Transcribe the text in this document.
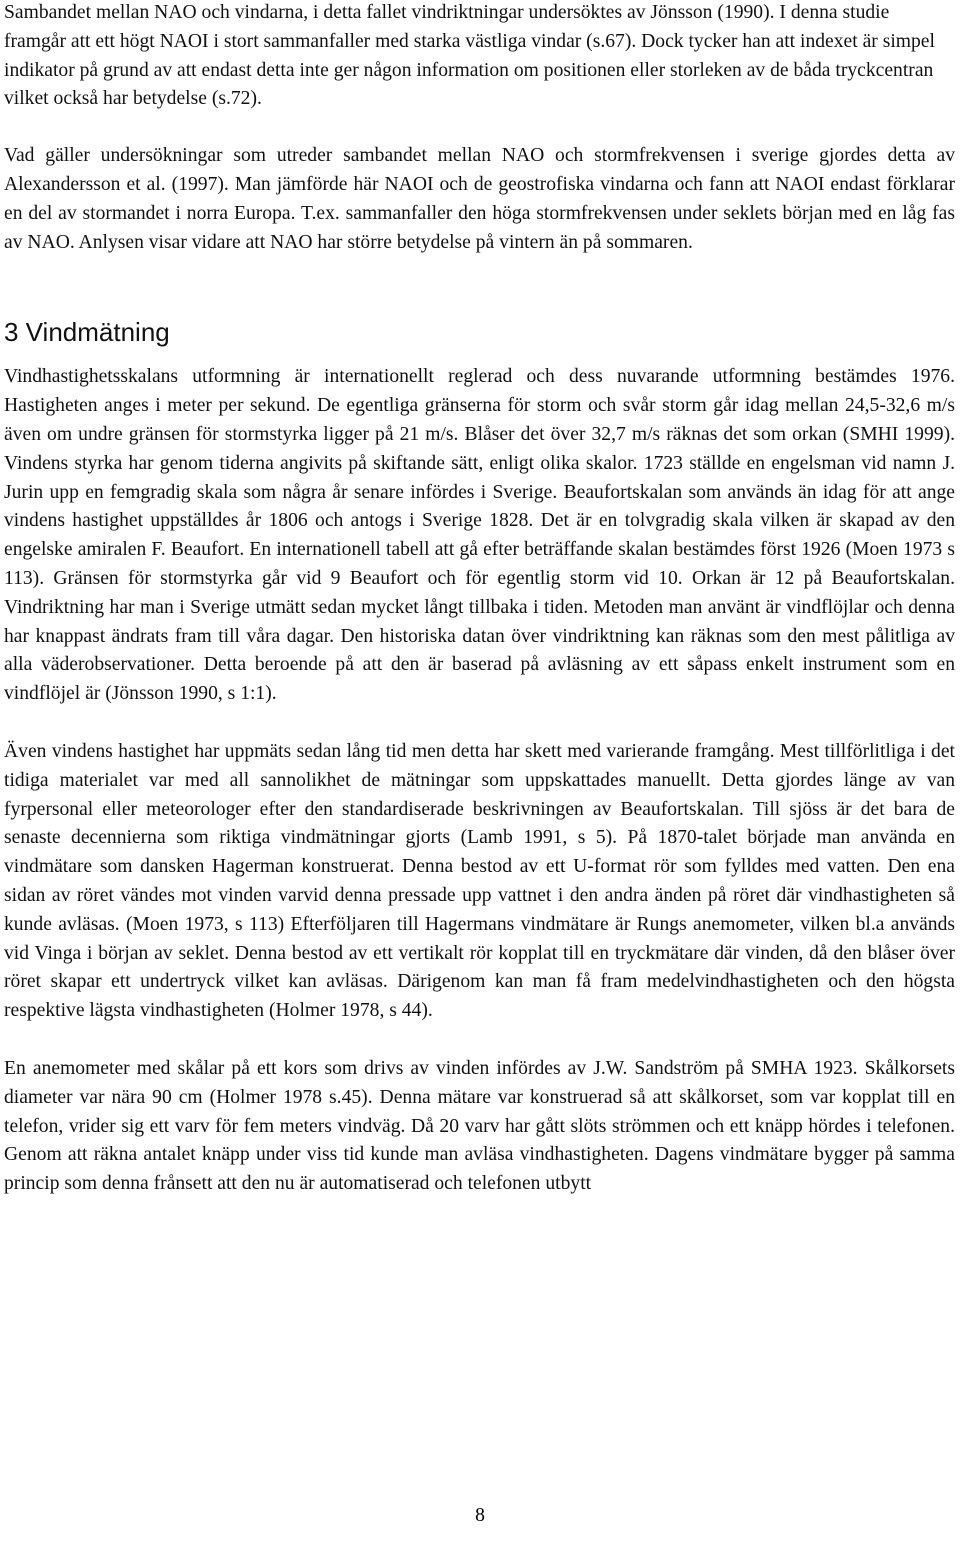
Sambandet mellan NAO och vindarna, i detta fallet vindriktningar undersöktes av Jönsson (1990). I denna studie framgår att ett högt NAOI i stort sammanfaller med starka västliga vindar (s.67). Dock tycker han att indexet är simpel indikator på grund av att endast detta inte ger någon information om positionen eller storleken av de båda tryckcentran vilket också har betydelse (s.72).

Vad gäller undersökningar som utreder sambandet mellan NAO och stormfrekvensen i sverige gjordes detta av Alexandersson et al. (1997). Man jämförde här NAOI och de geostrofiska vindarna och fann att NAOI endast förklarar en del av stormandet i norra Europa. T.ex. sammanfaller den höga stormfrekvensen under seklets början med en låg fas av NAO. Anlysen visar vidare att NAO har större betydelse på vintern än på sommaren.

3 Vindmätning

Vindhastighetsskalans utformning är internationellt reglerad och dess nuvarande utformning bestämdes 1976. Hastigheten anges i meter per sekund. De egentliga gränserna för storm och svår storm går idag mellan 24,5-32,6 m/s även om undre gränsen för stormstyrka ligger på 21 m/s. Blåser det över 32,7 m/s räknas det som orkan (SMHI 1999). Vindens styrka har genom tiderna angivits på skiftande sätt, enligt olika skalor. 1723 ställde en engelsman vid namn J. Jurin upp en femgradig skala som några år senare infördes i Sverige. Beaufortskalan som används än idag för att ange vindens hastighet uppställdes år 1806 och antogs i Sverige 1828. Det är en tolvgradig skala vilken är skapad av den engelske amiralen F. Beaufort. En internationell tabell att gå efter beträffande skalan bestämdes först 1926 (Moen 1973 s 113). Gränsen för stormstyrka går vid 9 Beaufort och för egentlig storm vid 10. Orkan är 12 på Beaufortskalan. Vindriktning har man i Sverige utmätt sedan mycket långt tillbaka i tiden. Metoden man använt är vindflöjlar och denna har knappast ändrats fram till våra dagar. Den historiska datan över vindriktning kan räknas som den mest pålitliga av alla väderobservationer. Detta beroende på att den är baserad på avläsning av ett såpass enkelt instrument som en vindflöjel är (Jönsson 1990, s 1:1).

Även vindens hastighet har uppmäts sedan lång tid men detta har skett med varierande framgång. Mest tillförlitliga i det tidiga materialet var med all sannolikhet de mätningar som uppskattades manuellt. Detta gjordes länge av van fyrpersonal eller meteorologer efter den standardiserade beskrivningen av Beaufortskalan. Till sjöss är det bara de senaste decennierna som riktiga vindmätningar gjorts (Lamb 1991, s 5). På 1870-talet började man använda en vindmätare som dansken Hagerman konstruerat. Denna bestod av ett U-format rör som fylldes med vatten. Den ena sidan av röret vändes mot vinden varvid denna pressade upp vattnet i den andra änden på röret där vindhastigheten så kunde avläsas. (Moen 1973, s 113) Efterföljaren till Hagermans vindmätare är Rungs anemometer, vilken bl.a används vid Vinga i början av seklet. Denna bestod av ett vertikalt rör kopplat till en tryckmätare där vinden, då den blåser över röret skapar ett undertryck vilket kan avläsas. Därigenom kan man få fram medelvindhastigheten och den högsta respektive lägsta vindhastigheten (Holmer 1978, s 44).

En anemometer med skålar på ett kors som drivs av vinden infördes av J.W. Sandström på SMHA 1923. Skålkorsets diameter var nära 90 cm (Holmer 1978 s.45). Denna mätare var konstruerad så att skålkorset, som var kopplat till en telefon, vrider sig ett varv för fem meters vindväg. Då 20 varv har gått slöts strömmen och ett knäpp hördes i telefonen. Genom att räkna antalet knäpp under viss tid kunde man avläsa vindhastigheten. Dagens vindmätare bygger på samma princip som denna frånsett att den nu är automatiserad och telefonen utbytt

8
